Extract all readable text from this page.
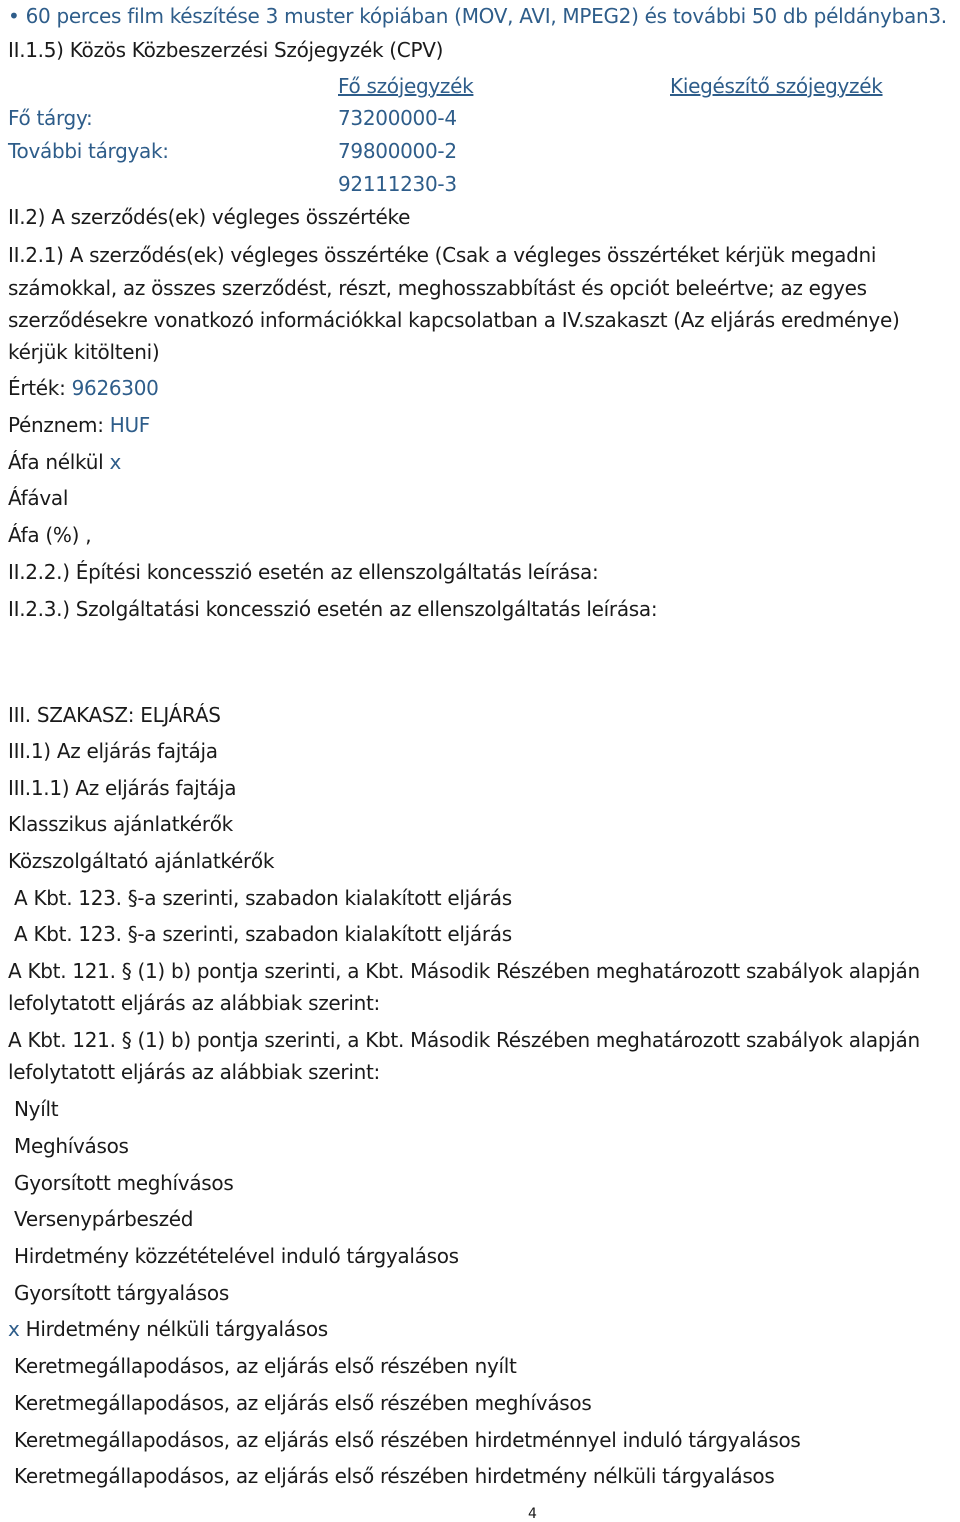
• 60 perces film készítése 3 muster kópiában (MOV, AVI, MPEG2) és további 50 db példányban3.
II.1.5) Közös Közbeszerzési Szójegyzék (CPV)
Fő szójegyzék	Kiegészítő szójegyzék
Fő tárgy:	73200000-4
További tárgyak:	79800000-2
92111230-3
II.2) A szerződés(ek) végleges összértéke
II.2.1) A szerződés(ek) végleges összértéke (Csak a végleges összértéket kérjük megadni
számokkal, az összes szerződést, részt, meghosszabbítást és opciót beleértve; az egyes
szerződésekre vonatkozó információkkal kapcsolatban a IV.szakaszt (Az eljárás eredménye)
kérjük kitölteni)
Érték: 9626300
Pénznem: HUF
Áfa nélkül x
Áfával
Áfa (%) ,
II.2.2.) Építési koncesszió esetén az ellenszolgáltatás leírása:
II.2.3.) Szolgáltatási koncesszió esetén az ellenszolgáltatás leírása:
III. SZAKASZ: ELJÁRÁS
III.1) Az eljárás fajtája
III.1.1) Az eljárás fajtája
Klasszikus ajánlatkérők
Közszolgáltató ajánlatkérők
A Kbt. 123. §-a szerinti, szabadon kialakított eljárás
A Kbt. 123. §-a szerinti, szabadon kialakított eljárás
A Kbt. 121. § (1) b) pontja szerinti, a Kbt. Második Részében meghatározott szabályok alapján
lefolytatott eljárás az alábbiak szerint:
A Kbt. 121. § (1) b) pontja szerinti, a Kbt. Második Részében meghatározott szabályok alapján
lefolytatott eljárás az alábbiak szerint:
Nyílt
Meghívásos
Gyorsított meghívásos
Versenypárbeszéd
Hirdetmény közzétételével induló tárgyalásos
Gyorsított tárgyalásos
x Hirdetmény nélküli tárgyalásos
Keretmegállapodásos, az eljárás első részében nyílt
Keretmegállapodásos, az eljárás első részében meghívásos
Keretmegállapodásos, az eljárás első részében hirdetménnyel induló tárgyalásos
Keretmegállapodásos, az eljárás első részében hirdetmény nélküli tárgyalásos
4
